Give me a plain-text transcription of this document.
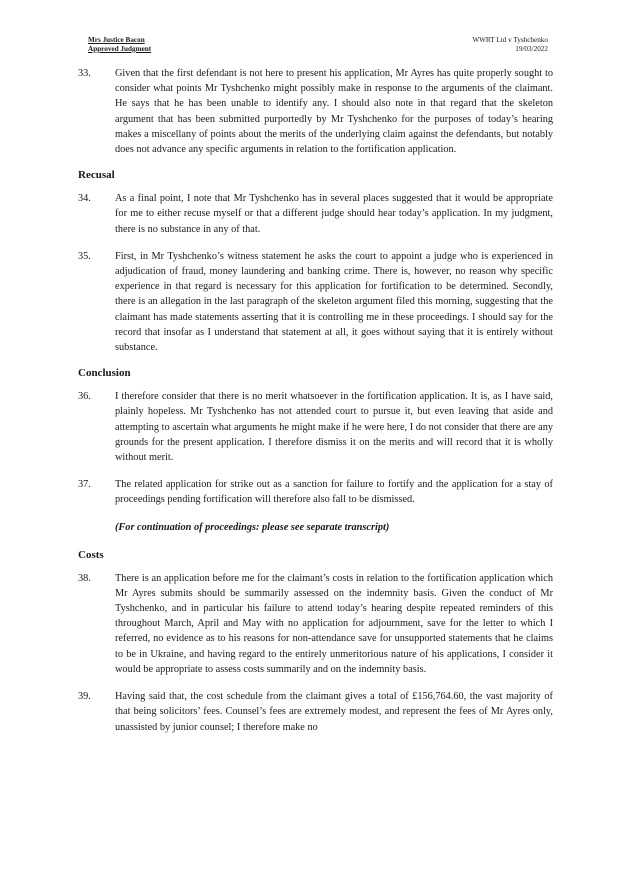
Mrs Justice Bacon
Approved Judgment
WWRT Ltd v Tyshchenko
19/03/2022
33. Given that the first defendant is not here to present his application, Mr Ayres has quite properly sought to consider what points Mr Tyshchenko might possibly make in response to the arguments of the claimant. He says that he has been unable to identify any. I should also note in that regard that the skeleton argument that has been submitted purportedly by Mr Tyshchenko for the purposes of today’s hearing makes a miscellany of points about the merits of the underlying claim against the defendants, but notably does not advance any specific arguments in relation to the fortification application.
Recusal
34. As a final point, I note that Mr Tyshchenko has in several places suggested that it would be appropriate for me to either recuse myself or that a different judge should hear today’s application. In my judgment, there is no substance in any of that.
35. First, in Mr Tyshchenko’s witness statement he asks the court to appoint a judge who is experienced in adjudication of fraud, money laundering and banking crime. There is, however, no reason why specific experience in that regard is necessary for this application for fortification to be determined. Secondly, there is an allegation in the last paragraph of the skeleton argument filed this morning, suggesting that the claimant has made statements asserting that it is controlling me in these proceedings. I should say for the record that insofar as I understand that statement at all, it goes without saying that it is entirely without substance.
Conclusion
36. I therefore consider that there is no merit whatsoever in the fortification application. It is, as I have said, plainly hopeless. Mr Tyshchenko has not attended court to pursue it, but even leaving that aside and attempting to ascertain what arguments he might make if he were here, I do not consider that there are any grounds for the present application. I therefore dismiss it on the merits and will record that it is wholly without merit.
37. The related application for strike out as a sanction for failure to fortify and the application for a stay of proceedings pending fortification will therefore also fall to be dismissed.
(For continuation of proceedings: please see separate transcript)
Costs
38. There is an application before me for the claimant’s costs in relation to the fortification application which Mr Ayres submits should be summarily assessed on the indemnity basis. Given the conduct of Mr Tyshchenko, and in particular his failure to attend today’s hearing despite repeated reminders of this throughout March, April and May with no application for adjournment, save for the letter to which I referred, no evidence as to his reasons for non-attendance save for unsupported statements that he claims to be in Ukraine, and having regard to the entirely unmeritorious nature of his applications, I consider it would be appropriate to assess costs summarily and on the indemnity basis.
39. Having said that, the cost schedule from the claimant gives a total of £156,764.60, the vast majority of that being solicitors’ fees. Counsel’s fees are extremely modest, and represent the fees of Mr Ayres only, unassisted by junior counsel; I therefore make no
